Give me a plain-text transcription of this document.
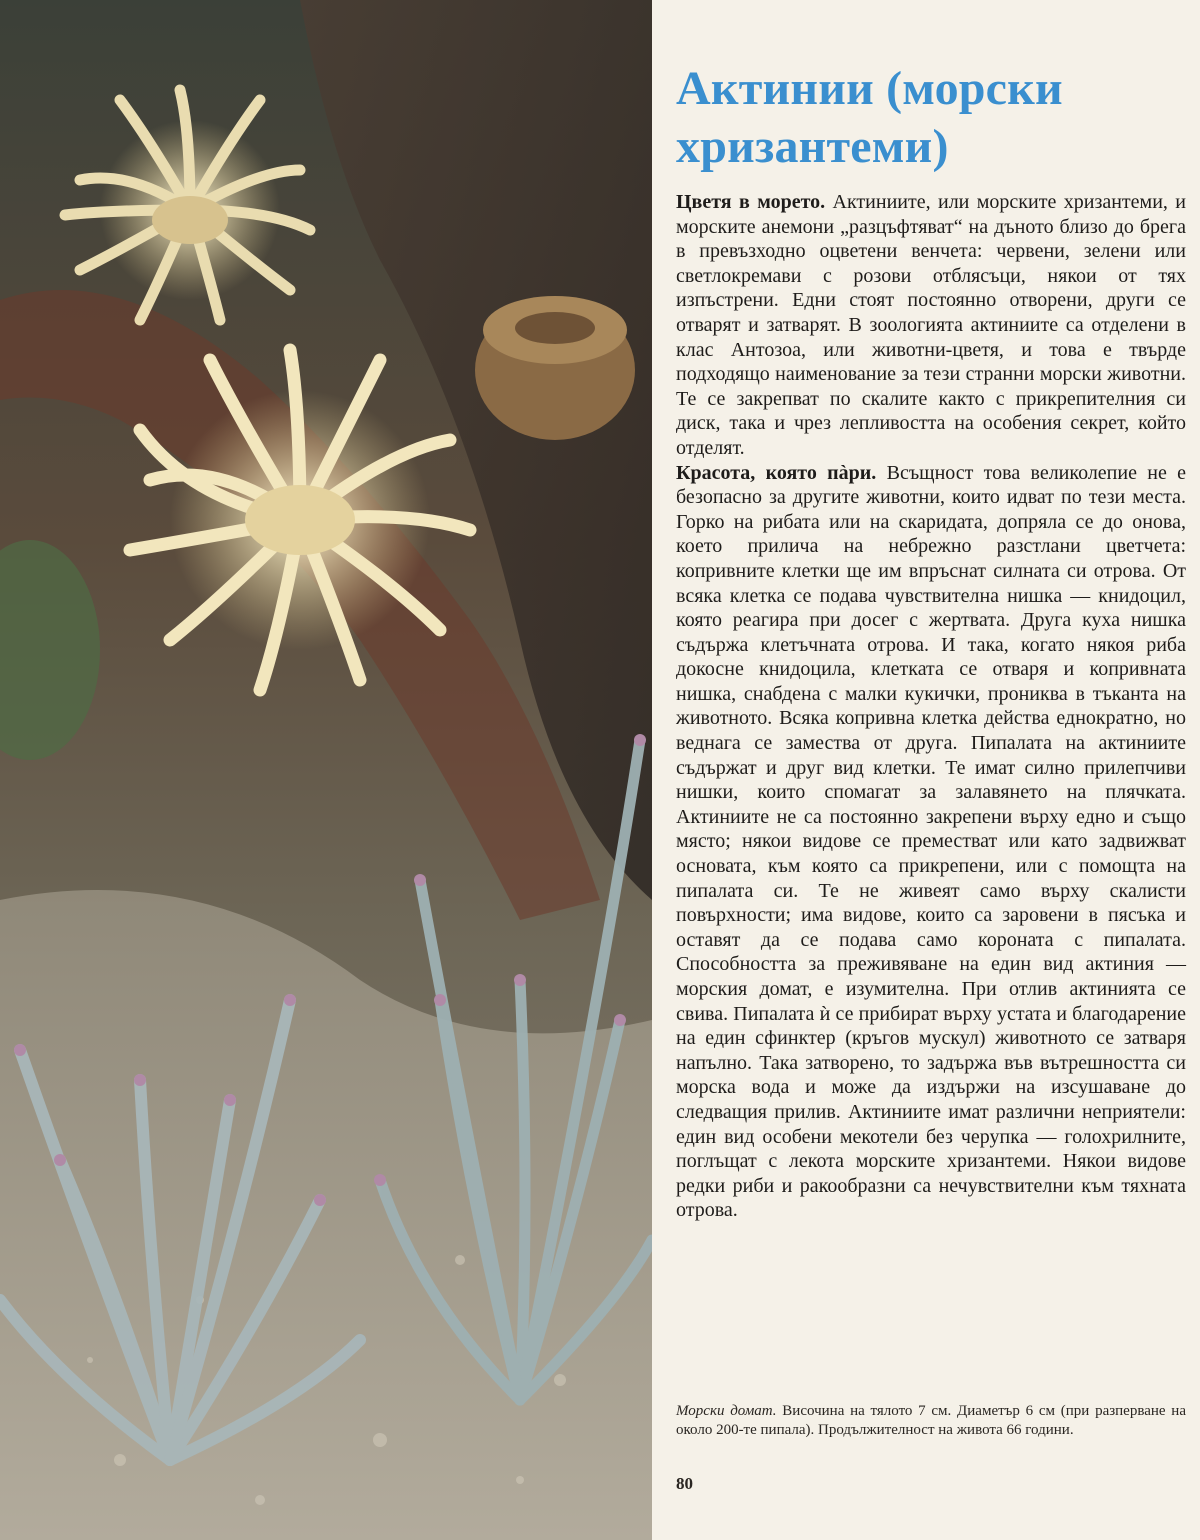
Актинии (морски хризантеми)

Цветя в морето. Актиниите, или морските хризантеми, и морските анемони „разцъфтяват“ на дъното близо до брега в превъзходно оцветени венчета: червени, зелени или светлокремави с розови отблясъци, някои от тях изпъстрени. Едни стоят постоянно отворени, други се отварят и затварят. В зоологията актиниите са отделени в клас Антозоа, или животни-цветя, и това е твърде подходящо наименование за тези странни морски животни. Те се закрепват по скалите както с прикрепителния си диск, така и чрез лепливостта на особения секрет, който отделят.

Красота, която пàри. Всъщност това великолепие не е безопасно за другите животни, които идват по тези места. Горко на рибата или на скаридата, допряла се до онова, което прилича на небрежно разстлани цветчета: копривните клетки ще им впръснат силната си отрова. От всяка клетка се подава чувствителна нишка — книдоцил, която реагира при досег с жертвата. Друга куха нишка съдържа клетъчната отрова. И така, когато някоя риба докосне книдоцила, клетката се отваря и копривната нишка, снабдена с малки кукички, прониква в тъканта на животното. Всяка копривна клетка действа еднократно, но веднага се замества от друга. Пипалата на актиниите съдържат и друг вид клетки. Те имат силно прилепчиви нишки, които спомагат за залавянето на плячката. Актиниите не са постоянно закрепени върху едно и също място; някои видове се преместват или като задвижват основата, към която са прикрепени, или с помощта на пипалата си. Те не живеят само върху скалисти повърхности; има видове, които са заровени в пясъка и оставят да се подава само короната с пипалата. Способността за преживяване на един вид актиния — морския домат, е изумителна. При отлив актинията се свива. Пипалата ѝ се прибират върху устата и благодарение на един сфинктер (кръгов мускул) животното се затваря напълно. Така затворено, то задържа във вътрешността си морска вода и може да издържи на изсушаване до следващия прилив. Актиниите имат различни неприятели: един вид особени мекотели без черупка — голохрилните, поглъщат с лекота морските хризантеми. Някои видове редки риби и ракообразни са нечувствителни към тяхната отрова.

Морски домат. Височина на тялото 7 см. Диаметър 6 см (при разперване на около 200-те пипала). Продължителност на живота 66 години.
80
